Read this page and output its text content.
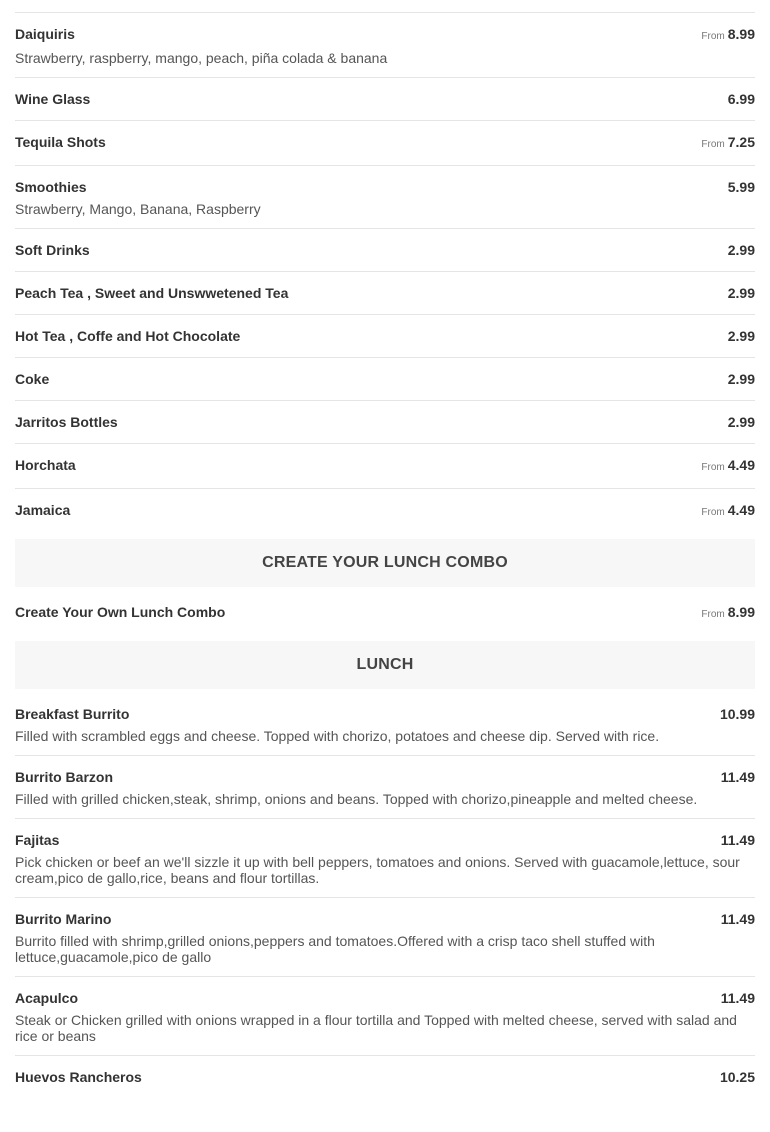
Daiquiris	From 8.99
Strawberry, raspberry, mango, peach, piña colada & banana
Wine Glass	6.99
Tequila Shots	From 7.25
Smoothies	5.99
Strawberry, Mango, Banana, Raspberry
Soft Drinks	2.99
Peach Tea , Sweet and Unswwetened Tea	2.99
Hot Tea , Coffe and Hot Chocolate	2.99
Coke	2.99
Jarritos Bottles	2.99
Horchata	From 4.49
Jamaica	From 4.49
CREATE YOUR LUNCH COMBO
Create Your Own Lunch Combo	From 8.99
LUNCH
Breakfast Burrito	10.99
Filled with scrambled eggs and cheese. Topped with chorizo, potatoes and cheese dip. Served with rice.
Burrito Barzon	11.49
Filled with grilled chicken,steak, shrimp, onions and beans. Topped with chorizo,pineapple and melted cheese.
Fajitas	11.49
Pick chicken or beef an we'll sizzle it up with bell peppers, tomatoes and onions. Served with guacamole,lettuce, sour cream,pico de gallo,rice, beans and flour tortillas.
Burrito Marino	11.49
Burrito filled with shrimp,grilled onions,peppers and tomatoes.Offered with a crisp taco shell stuffed with lettuce,guacamole,pico de gallo
Acapulco	11.49
Steak or Chicken grilled with onions wrapped in a flour tortilla and Topped with melted cheese, served with salad and rice or beans
Huevos Rancheros	10.25
